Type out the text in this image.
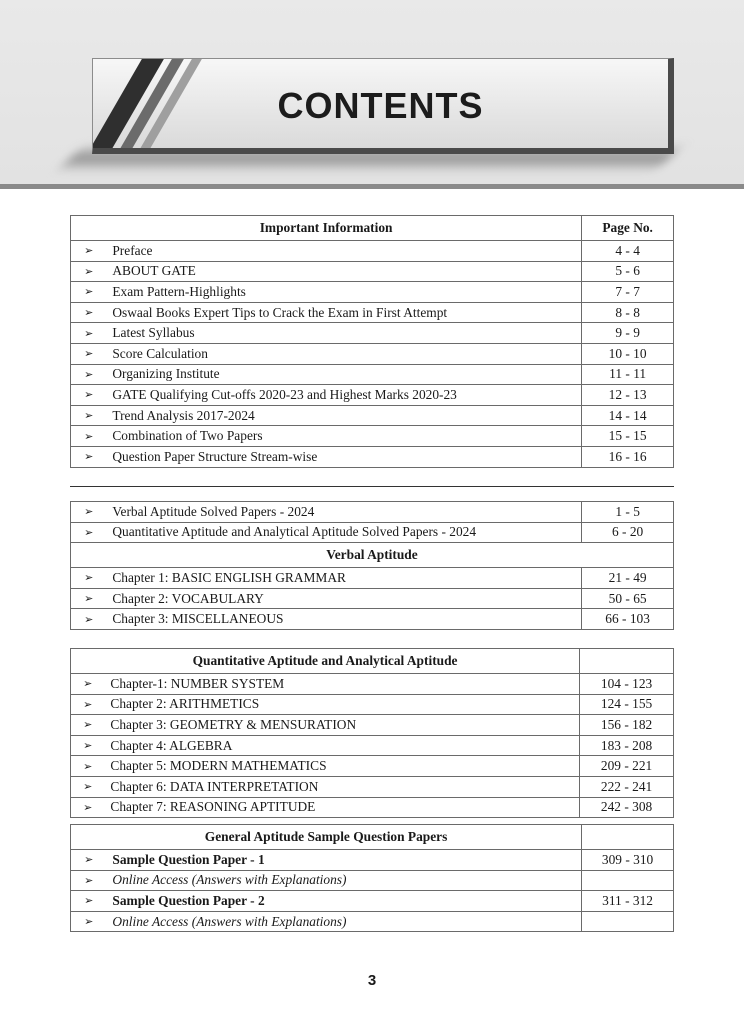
CONTENTS
Important Information		Page No.
➢	Preface	4 - 4
➢	ABOUT GATE	5 - 6
➢	Exam Pattern-Highlights	7 - 7
➢	Oswaal Books Expert Tips to Crack the Exam in First Attempt	8 - 8
➢	Latest Syllabus	9 - 9
➢	Score Calculation	10 - 10
➢	Organizing Institute	11 - 11
➢	GATE Qualifying Cut-offs 2020-23 and Highest Marks 2020-23	12 - 13
➢	Trend Analysis 2017-2024	14 - 14
➢	Combination of Two Papers	15 - 15
➢	Question Paper Structure Stream-wise	16 - 16
➢	Verbal Aptitude Solved Papers - 2024	1 - 5
➢	Quantitative Aptitude and Analytical Aptitude Solved Papers - 2024	6 - 20
Verbal Aptitude		
➢	Chapter 1: BASIC ENGLISH GRAMMAR	21 - 49
➢	Chapter 2: VOCABULARY	50 - 65
➢	Chapter 3: MISCELLANEOUS	66 - 103
Quantitative Aptitude and Analytical Aptitude		
➢	Chapter-1: NUMBER SYSTEM	104 - 123
➢	Chapter 2: ARITHMETICS	124 - 155
➢	Chapter 3: GEOMETRY & MENSURATION	156 - 182
➢	Chapter 4: ALGEBRA	183 - 208
➢	Chapter 5: MODERN MATHEMATICS	209 - 221
➢	Chapter 6: DATA INTERPRETATION	222 - 241
➢	Chapter 7: REASONING APTITUDE	242 - 308
General Aptitude Sample Question Papers		
➢	Sample Question Paper - 1	309 - 310
➢	Online Access (Answers with Explanations)	
➢	Sample Question Paper - 2	311 - 312
➢	Online Access (Answers with Explanations)	
3
